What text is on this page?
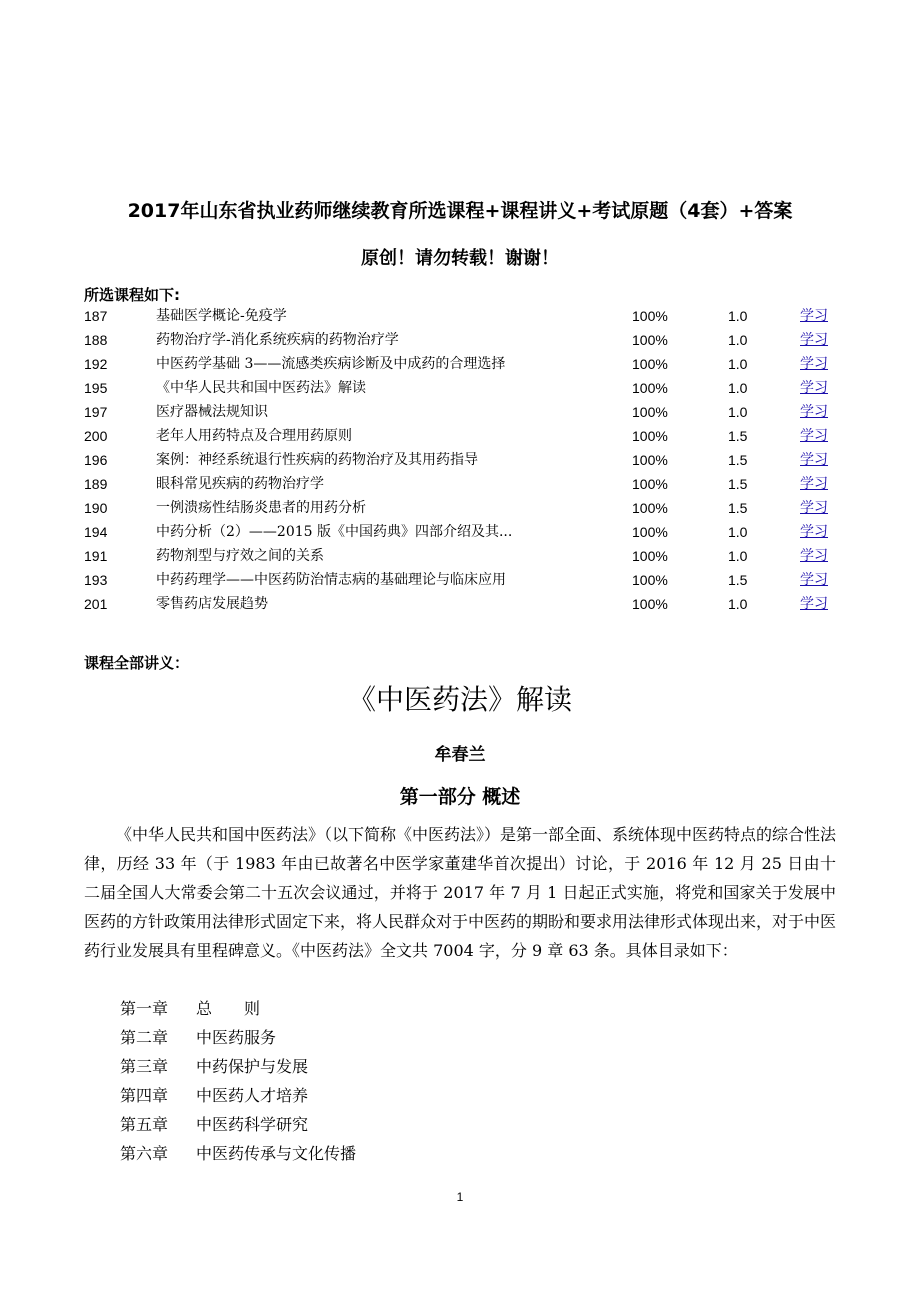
2017年山东省执业药师继续教育所选课程+课程讲义+考试原题（4套）+答案
原创！请勿转载！谢谢！
所选课程如下:
187	基础医学概论-免疫学	100%	1.0	学习
188	药物治疗学-消化系统疾病的药物治疗学	100%	1.0	学习
192	中医药学基础 3——流感类疾病诊断及中成药的合理选择	100%	1.0	学习
195	《中华人民共和国中医药法》解读	100%	1.0	学习
197	医疗器械法规知识	100%	1.0	学习
200	老年人用药特点及合理用药原则	100%	1.5	学习
196	案例：神经系统退行性疾病的药物治疗及其用药指导	100%	1.5	学习
189	眼科常见疾病的药物治疗学	100%	1.5	学习
190	一例溃疡性结肠炎患者的用药分析	100%	1.5	学习
194	中药分析（2）——2015 版《中国药典》四部介绍及其...	100%	1.0	学习
191	药物剂型与疗效之间的关系	100%	1.0	学习
193	中药药理学——中医药防治情志病的基础理论与临床应用	100%	1.5	学习
201	零售药店发展趋势	100%	1.0	学习
课程全部讲义：
《中医药法》解读
牟春兰
第一部分 概述
《中华人民共和国中医药法》（以下简称《中医药法》）是第一部全面、系统体现中医药特点的综合性法律，历经 33 年（于 1983 年由已故著名中医学家董建华首次提出）讨论，于 2016 年 12 月 25 日由十二届全国人大常委会第二十五次会议通过，并将于 2017 年 7 月 1 日起正式实施，将党和国家关于发展中医药的方针政策用法律形式固定下来，将人民群众对于中医药的期盼和要求用法律形式体现出来，对于中医药行业发展具有里程碑意义。《中医药法》全文共 7004 字，分 9 章 63 条。具体目录如下：
第一章 总　　则
第二章 中医药服务
第三章 中药保护与发展
第四章 中医药人才培养
第五章 中医药科学研究
第六章 中医药传承与文化传播
1
